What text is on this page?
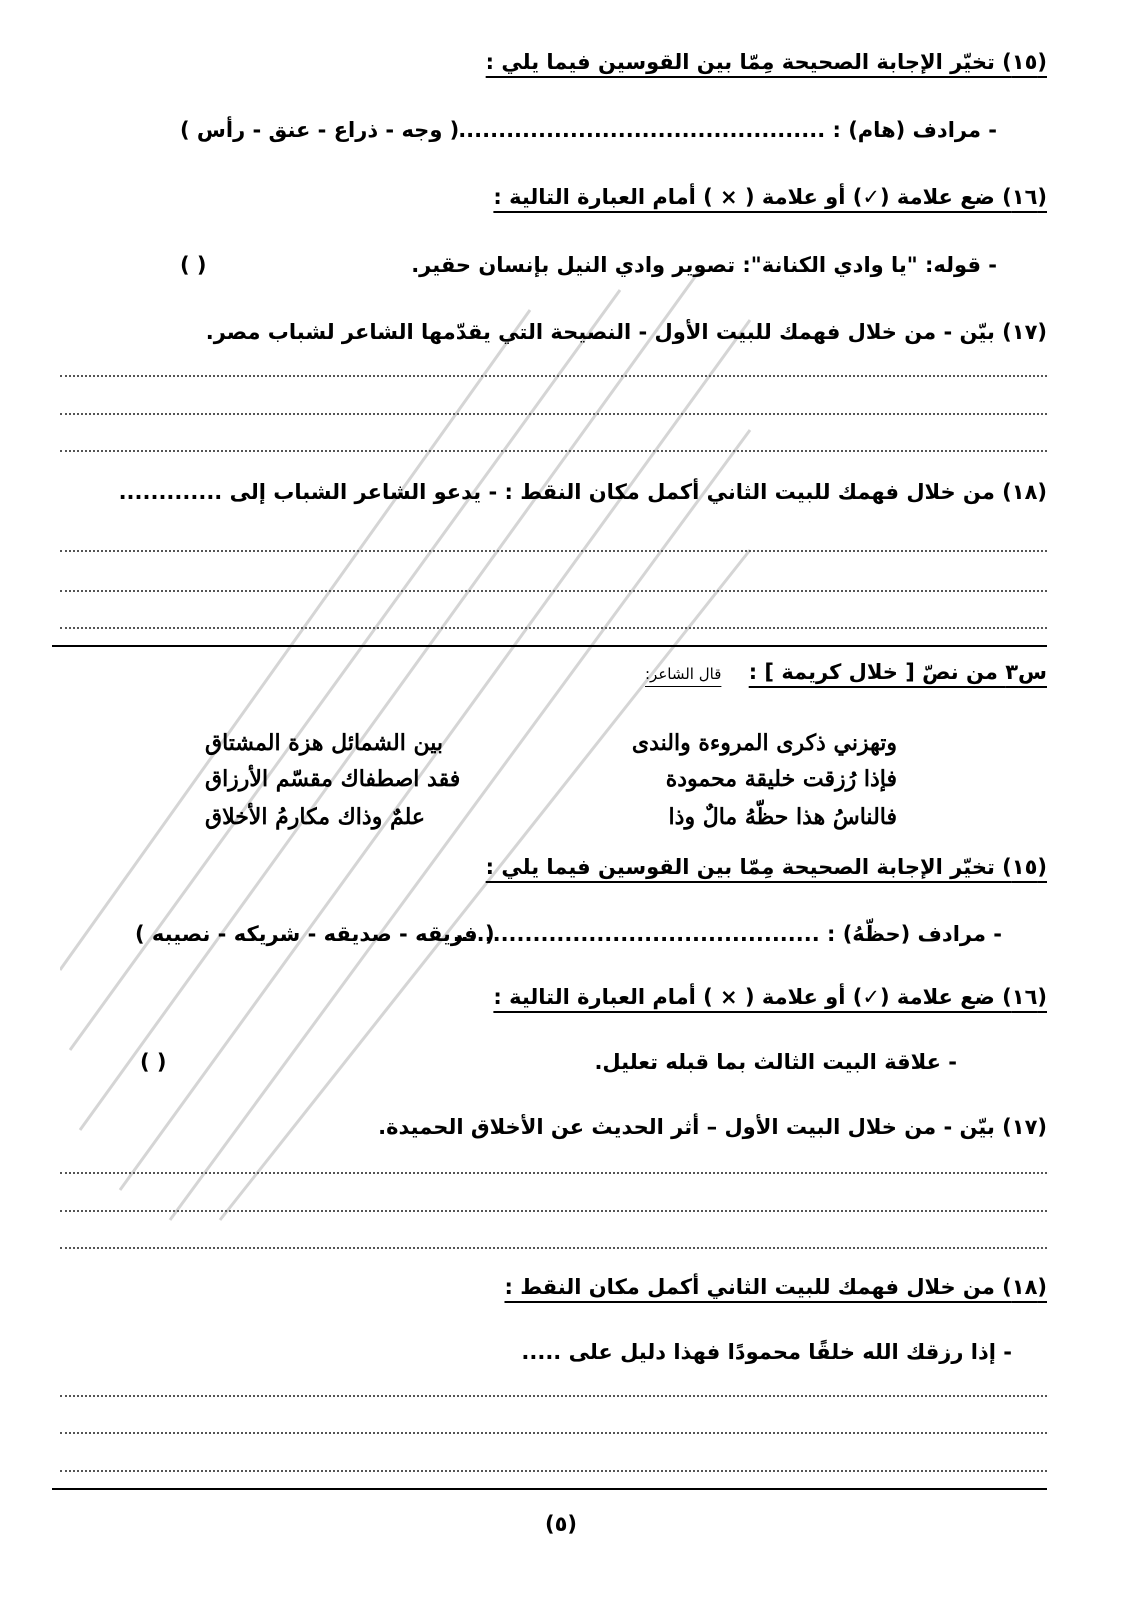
(١٥) تخيّر الإجابة الصحيحة مِمّا بين القوسين فيما يلي :
- مرادف (هام) : ..............................................
( وجه - ذراع - عنق - رأس )
(١٦) ضع علامة (✓) أو علامة ( × ) أمام العبارة التالية :
- قوله: "يا وادي الكنانة": تصوير وادي النيل بإنسان حقير.
( )
(١٧) بيّن - من خلال فهمك للبيت الأول - النصيحة التي يقدّمها الشاعر لشباب مصر.
(١٨) من خلال فهمك للبيت الثاني أكمل مكان النقط : - يدعو الشاعر الشباب إلى .............
س٣ من نصّ [ خلال كريمة ] : قال الشاعر:
وتهزني ذكرى المروءة والندى
بين الشمائل هزة المشتاق
فإذا رُزقت خليقة محمودة
فقد اصطفاك مقسّم الأرزاق
فالناسُ هذا حظّهُ مالٌ وذا
علمٌ وذاك مكارمُ الأخلاق
(١٥) تخيّر الإجابة الصحيحة مِمّا بين القوسين فيما يلي :
- مرادف (حظّهُ) : ..............................................
( فريقه - صديقه - شريكه - نصيبه )
(١٦) ضع علامة (✓) أو علامة ( × ) أمام العبارة التالية :
- علاقة البيت الثالث بما قبله تعليل.
( )
(١٧) بيّن - من خلال البيت الأول – أثر الحديث عن الأخلاق الحميدة.
(١٨) من خلال فهمك للبيت الثاني أكمل مكان النقط :
- إذا رزقك الله خلقًا محمودًا فهذا دليل على .....
(٥)
